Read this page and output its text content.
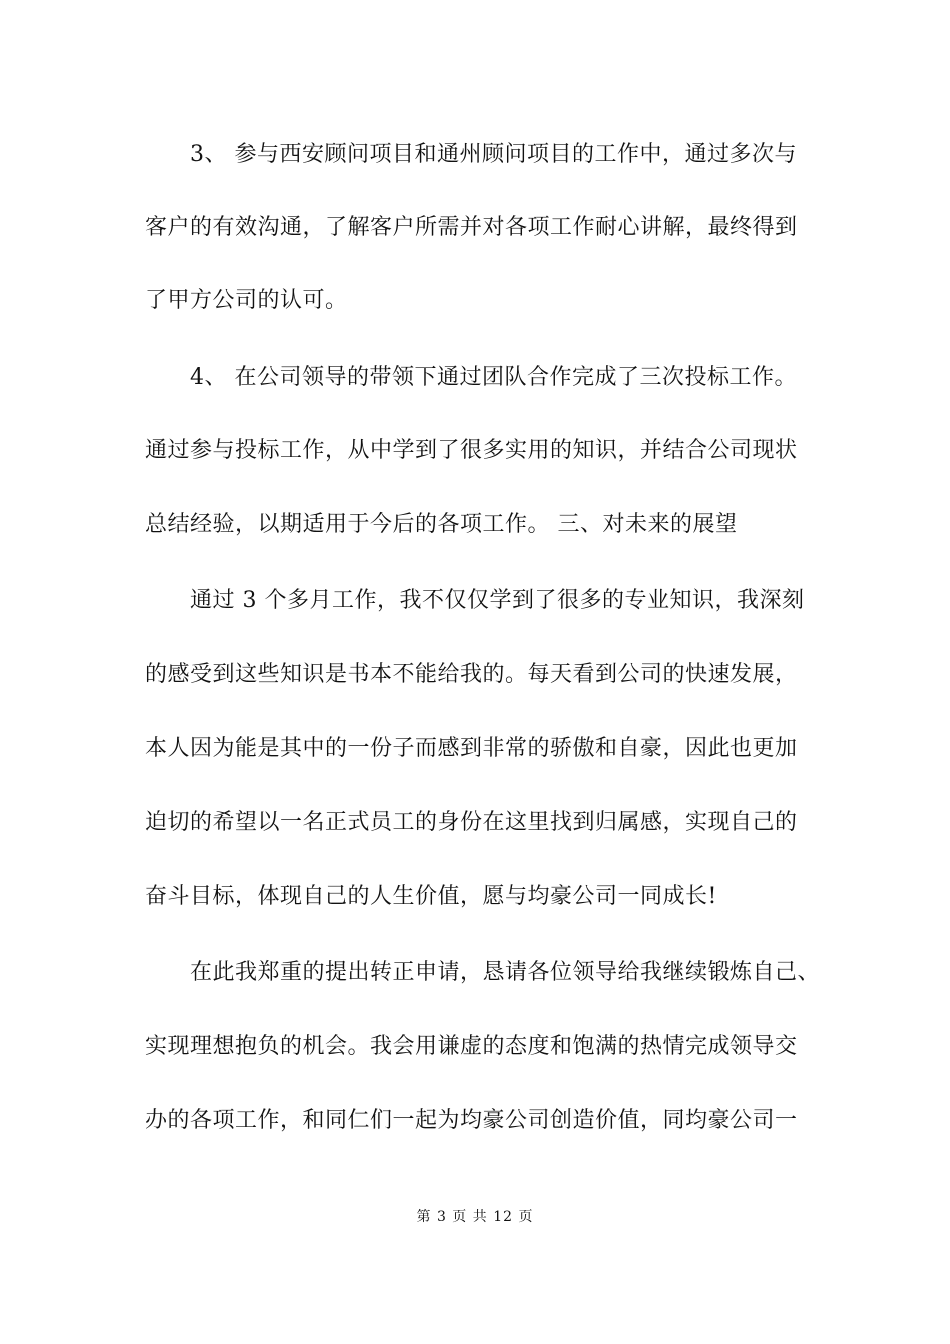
3、 参与西安顾问项目和通州顾问项目的工作中，通过多次与
客户的有效沟通，了解客户所需并对各项工作耐心讲解，最终得到
了甲方公司的认可。
4、 在公司领导的带领下通过团队合作完成了三次投标工作。
通过参与投标工作，从中学到了很多实用的知识，并结合公司现状
总结经验，以期适用于今后的各项工作。 三、对未来的展望
通过 3 个多月工作，我不仅仅学到了很多的专业知识，我深刻
的感受到这些知识是书本不能给我的。每天看到公司的快速发展，
本人因为能是其中的一份子而感到非常的骄傲和自豪，因此也更加
迫切的希望以一名正式员工的身份在这里找到归属感，实现自己的
奋斗目标，体现自己的人生价值，愿与均豪公司一同成长!
在此我郑重的提出转正申请，恳请各位领导给我继续锻炼自己、
实现理想抱负的机会。我会用谦虚的态度和饱满的热情完成领导交
办的各项工作，和同仁们一起为均豪公司创造价值，同均豪公司一
第 3 页 共 12 页
